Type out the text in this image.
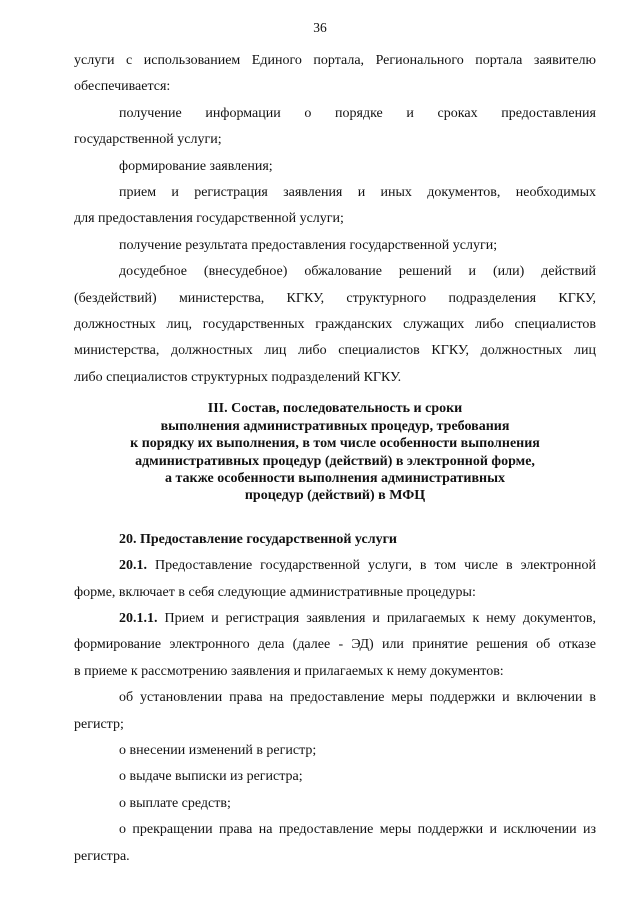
36

услуги с использованием Единого портала, Регионального портала заявителю
обеспечивается:

получение информации о порядке и сроках предоставления
государственной услуги;

формирование заявления;

прием и регистрация заявления и иных документов, необходимых
для предоставления государственной услуги;

получение результата предоставления государственной услуги;

досудебное (внесудебное) обжалование решений и (или) действий
(бездействий) министерства, КГКУ, структурного подразделения КГКУ,
должностных лиц, государственных гражданских служащих либо специалистов
министерства, должностных лиц либо специалистов КГКУ, должностных лиц
либо специалистов структурных подразделений КГКУ.

III. Состав, последовательность и сроки
выполнения административных процедур, требования
к порядку их выполнения, в том числе особенности выполнения
административных процедур (действий) в электронной форме,
а также особенности выполнения административных
процедур (действий) в МФЦ

20. Предоставление государственной услуги

20.1. Предоставление государственной услуги, в том числе в электронной
форме, включает в себя следующие административные процедуры:

20.1.1. Прием и регистрация заявления и прилагаемых к нему документов,
формирование электронного дела (далее - ЭД) или принятие решения об отказе
в приеме к рассмотрению заявления и прилагаемых к нему документов:

об установлении права на предоставление меры поддержки и включении в
регистр;

о внесении изменений в регистр;

о выдаче выписки из регистра;

о выплате средств;

о прекращении права на предоставление меры поддержки и исключении из
регистра.
